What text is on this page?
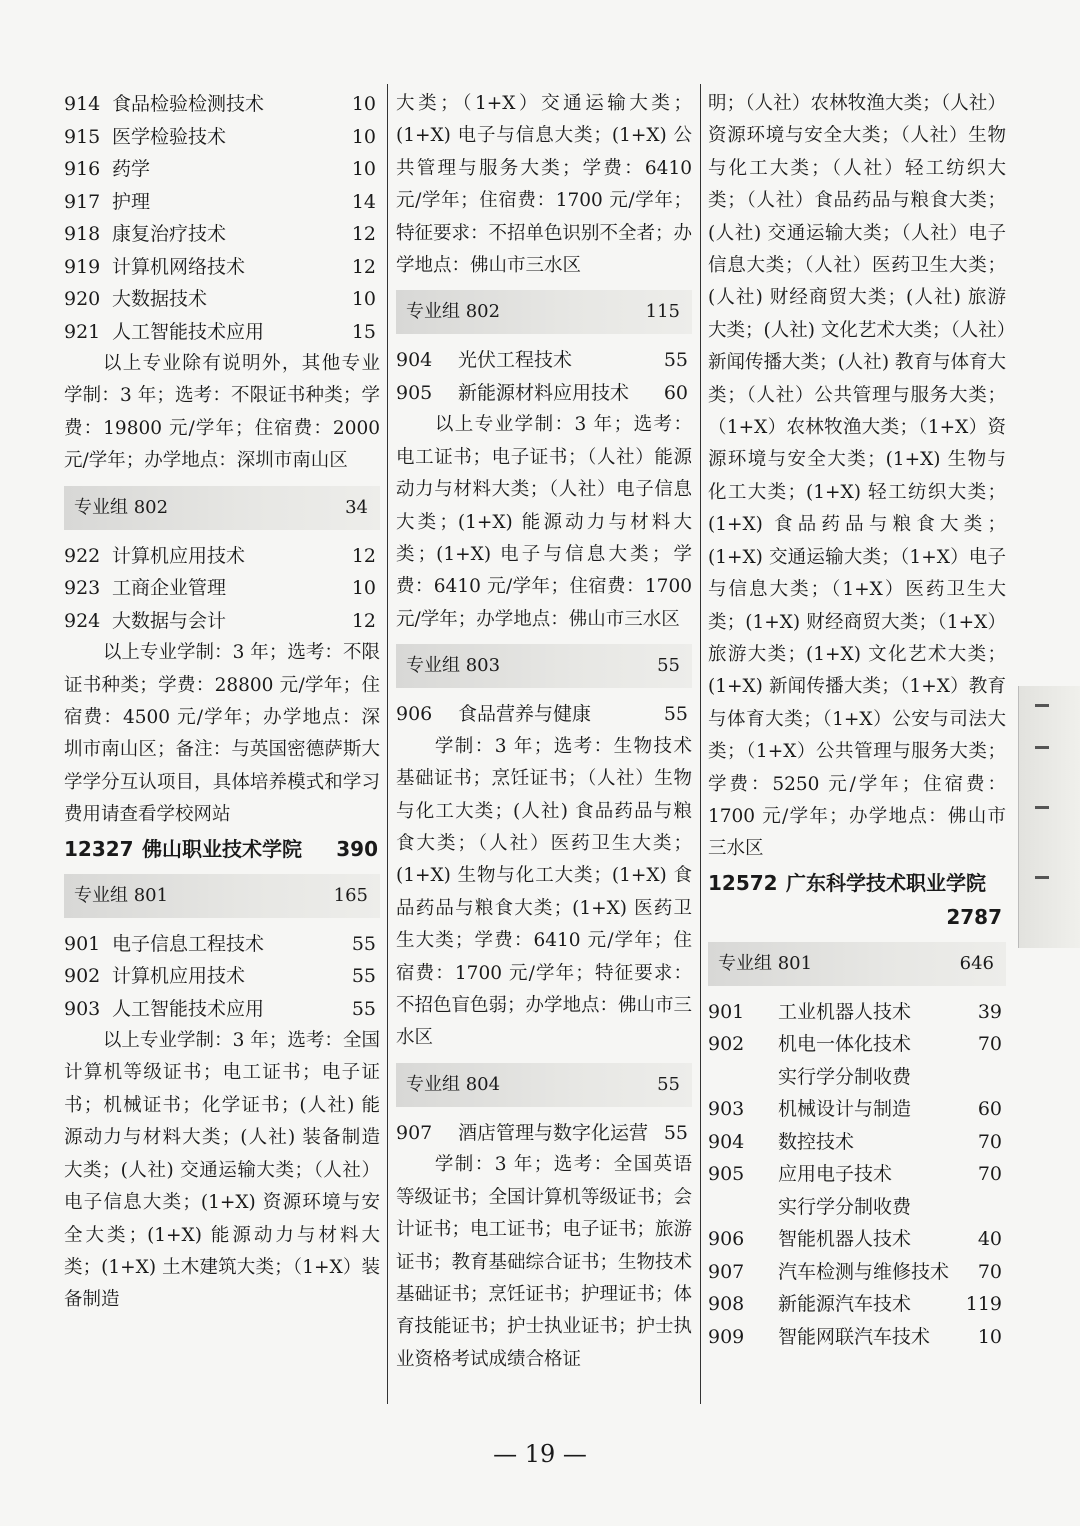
914 食品检验检测技术	10
915 医学检验技术	10
916 药学	10
917 护理	14
918 康复治疗技术	12
919 计算机网络技术	12
920 大数据技术	10
921 人工智能技术应用	15
以上专业除有说明外，其他专业学制：3 年；选考：不限证书种类；学费：19800 元/学年；住宿费：2000 元/学年；办学地点：深圳市南山区
专业组 802	34
922 计算机应用技术	12
923 工商企业管理	10
924 大数据与会计	12
以上专业学制：3 年；选考：不限证书种类；学费：28800 元/学年；住宿费：4500 元/学年；办学地点：深圳市南山区；备注：与英国密德萨斯大学学分互认项目，具体培养模式和学习费用请查看学校网站
12327 佛山职业技术学院 390
专业组 801	165
901 电子信息工程技术	55
902 计算机应用技术	55
903 人工智能技术应用	55
以上专业学制：3 年；选考：全国计算机等级证书；电工证书；电子证书；机械证书；化学证书；(人社) 能源动力与材料大类；(人社) 装备制造大类；(人社) 交通运输大类；（人社）电子信息大类；(1+X) 资源环境与安全大类；(1+X) 能源动力与材料大类；(1+X) 土木建筑大类；（1+X）装备制造
大类；（1+X）交通运输大类；(1+X) 电子与信息大类；(1+X) 公共管理与服务大类；学费：6410 元/学年；住宿费：1700 元/学年；特征要求：不招单色识别不全者；办学地点：佛山市三水区
专业组 802	115
904 光伏工程技术	55
905 新能源材料应用技术 60
以上专业学制：3 年；选考：电工证书；电子证书；（人社）能源动力与材料大类；（人社）电子信息大类；(1+X) 能源动力与材料大类；(1+X) 电子与信息大类；学费：6410 元/学年；住宿费：1700 元/学年；办学地点：佛山市三水区
专业组 803	55
906 食品营养与健康	55
学制：3 年；选考：生物技术基础证书；烹饪证书；（人社）生物与化工大类；(人社) 食品药品与粮食大类；（人社）医药卫生大类；(1+X) 生物与化工大类；(1+X) 食品药品与粮食大类；(1+X) 医药卫生大类；学费：6410 元/学年；住宿费：1700 元/学年；特征要求：不招色盲色弱；办学地点：佛山市三水区
专业组 804	55
907 酒店管理与数字化运营 55
学制：3 年；选考：全国英语等级证书；全国计算机等级证书；会计证书；电工证书；电子证书；旅游证书；教育基础综合证书；生物技术基础证书；烹饪证书；护理证书；体育技能证书；护士执业证书；护士执业资格考试成绩合格证
明；（人社）农林牧渔大类；（人社）资源环境与安全大类；（人社）生物与化工大类；（人社）轻工纺织大类；（人社）食品药品与粮食大类；(人社) 交通运输大类；（人社）电子信息大类；（人社）医药卫生大类；(人社) 财经商贸大类；(人社) 旅游大类；(人社) 文化艺术大类；（人社）新闻传播大类；(人社) 教育与体育大类；（人社）公共管理与服务大类；（1+X）农林牧渔大类；（1+X）资源环境与安全大类；(1+X) 生物与化工大类；(1+X) 轻工纺织大类；(1+X) 食品药品与粮食大类；(1+X) 交通运输大类；（1+X）电子与信息大类；（1+X）医药卫生大类；(1+X) 财经商贸大类；（1+X）旅游大类；(1+X) 文化艺术大类；(1+X) 新闻传播大类；（1+X）教育与体育大类；（1+X）公安与司法大类；（1+X）公共管理与服务大类；学费：5250 元/学年；住宿费：1700 元/学年；办学地点：佛山市三水区
12572 广东科学技术职业学院
2787
专业组 801	646
901 工业机器人技术	39
902 机电一体化技术	70
实行学分制收费
903 机械设计与制造	60
904 数控技术	70
905 应用电子技术	70
实行学分制收费
906 智能机器人技术	40
907 汽车检测与维修技术 70
908 新能源汽车技术	119
909 智能网联汽车技术	10
— 19 —
